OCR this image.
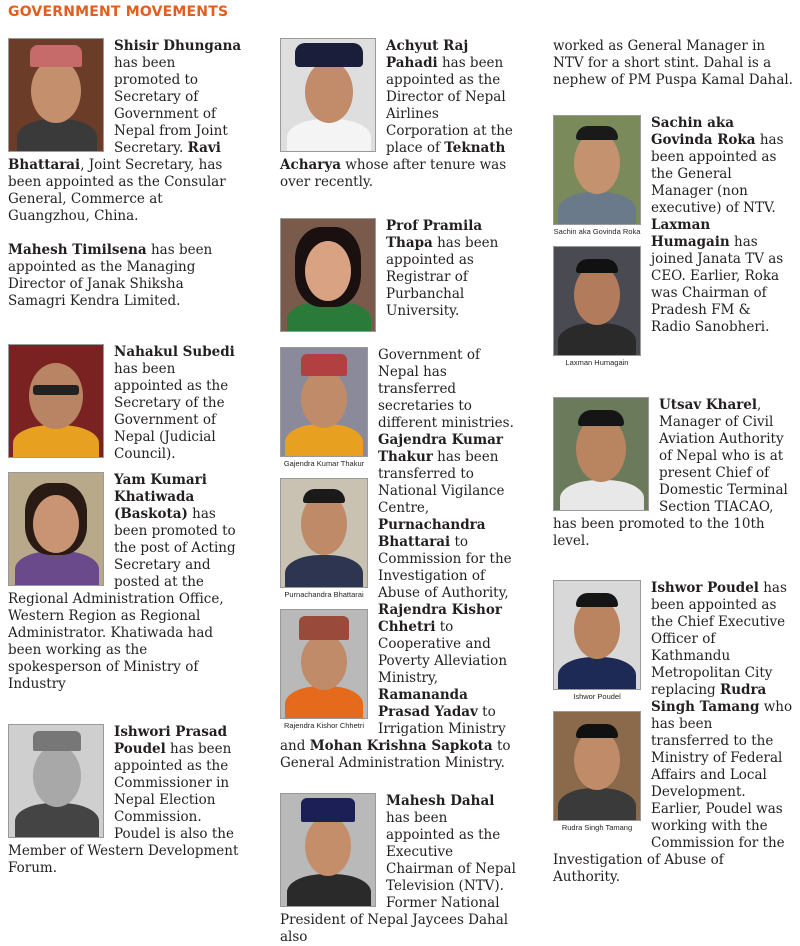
GOVERNMENT MOVEMENTS

Shisir Dhungana has been promoted to Secretary of Government of Nepal from Joint Secretary. Ravi Bhattarai, Joint Secretary, has been appointed as the Consular General, Commerce at Guangzhou, China.

Mahesh Timilsena has been appointed as the Managing Director of Janak Shiksha Samagri Kendra Limited.

Nahakul Subedi has been appointed as the Secretary of the Government of Nepal (Judicial Council).

Yam Kumari Khatiwada (Baskota) has been promoted to the post of Acting Secretary and posted at the Regional Administration Office, Western Region as Regional Administrator. Khatiwada had been working as the spokesperson of Ministry of Industry

Ishwori Prasad Poudel has been appointed as the Commissioner in Nepal Election Commission. Poudel is also the Member of Western Development Forum.

Achyut Raj Pahadi has been appointed as the Director of Nepal Airlines Corporation at the place of Teknath Acharya whose after tenure was over recently.

Prof Pramila Thapa has been appointed as Registrar of Purbanchal University.

Gajendra Kumar Thakur
Purnachandra Bhattarai
Rajendra Kishor Chhetri

Government of Nepal has transferred secretaries to different ministries. Gajendra Kumar Thakur has been transferred to National Vigilance Centre, Purnachandra Bhattarai to Commission for the Investigation of Abuse of Authority, Rajendra Kishor Chhetri to Cooperative and Poverty Alleviation Ministry, Ramananda Prasad Yadav to Irrigation Ministry and Mohan Krishna Sapkota to General Administration Ministry.

Mahesh Dahal has been appointed as the Executive Chairman of Nepal Television (NTV). Former National President of Nepal Jaycees Dahal also

worked as General Manager in NTV for a short stint. Dahal is a nephew of PM Puspa Kamal Dahal.

Sachin aka Govinda Roka
Laxman Humagain

Sachin aka Govinda Roka has been appointed as the General Manager (non executive) of NTV.
Laxman Humagain has joined Janata TV as CEO. Earlier, Roka was Chairman of Pradesh FM & Radio Sanobheri.

Utsav Kharel, Manager of Civil Aviation Authority of Nepal who is at present Chief of Domestic Terminal Section TIACAO, has been promoted to the 10th level.

Ishwor Poudel
Rudra Singh Tamang

Ishwor Poudel has been appointed as the Chief Executive Officer of Kathmandu Metropolitan City replacing Rudra Singh Tamang who has been transferred to the Ministry of Federal Affairs and Local Development. Earlier, Poudel was working with the Commission for the Investigation of Abuse of Authority.
